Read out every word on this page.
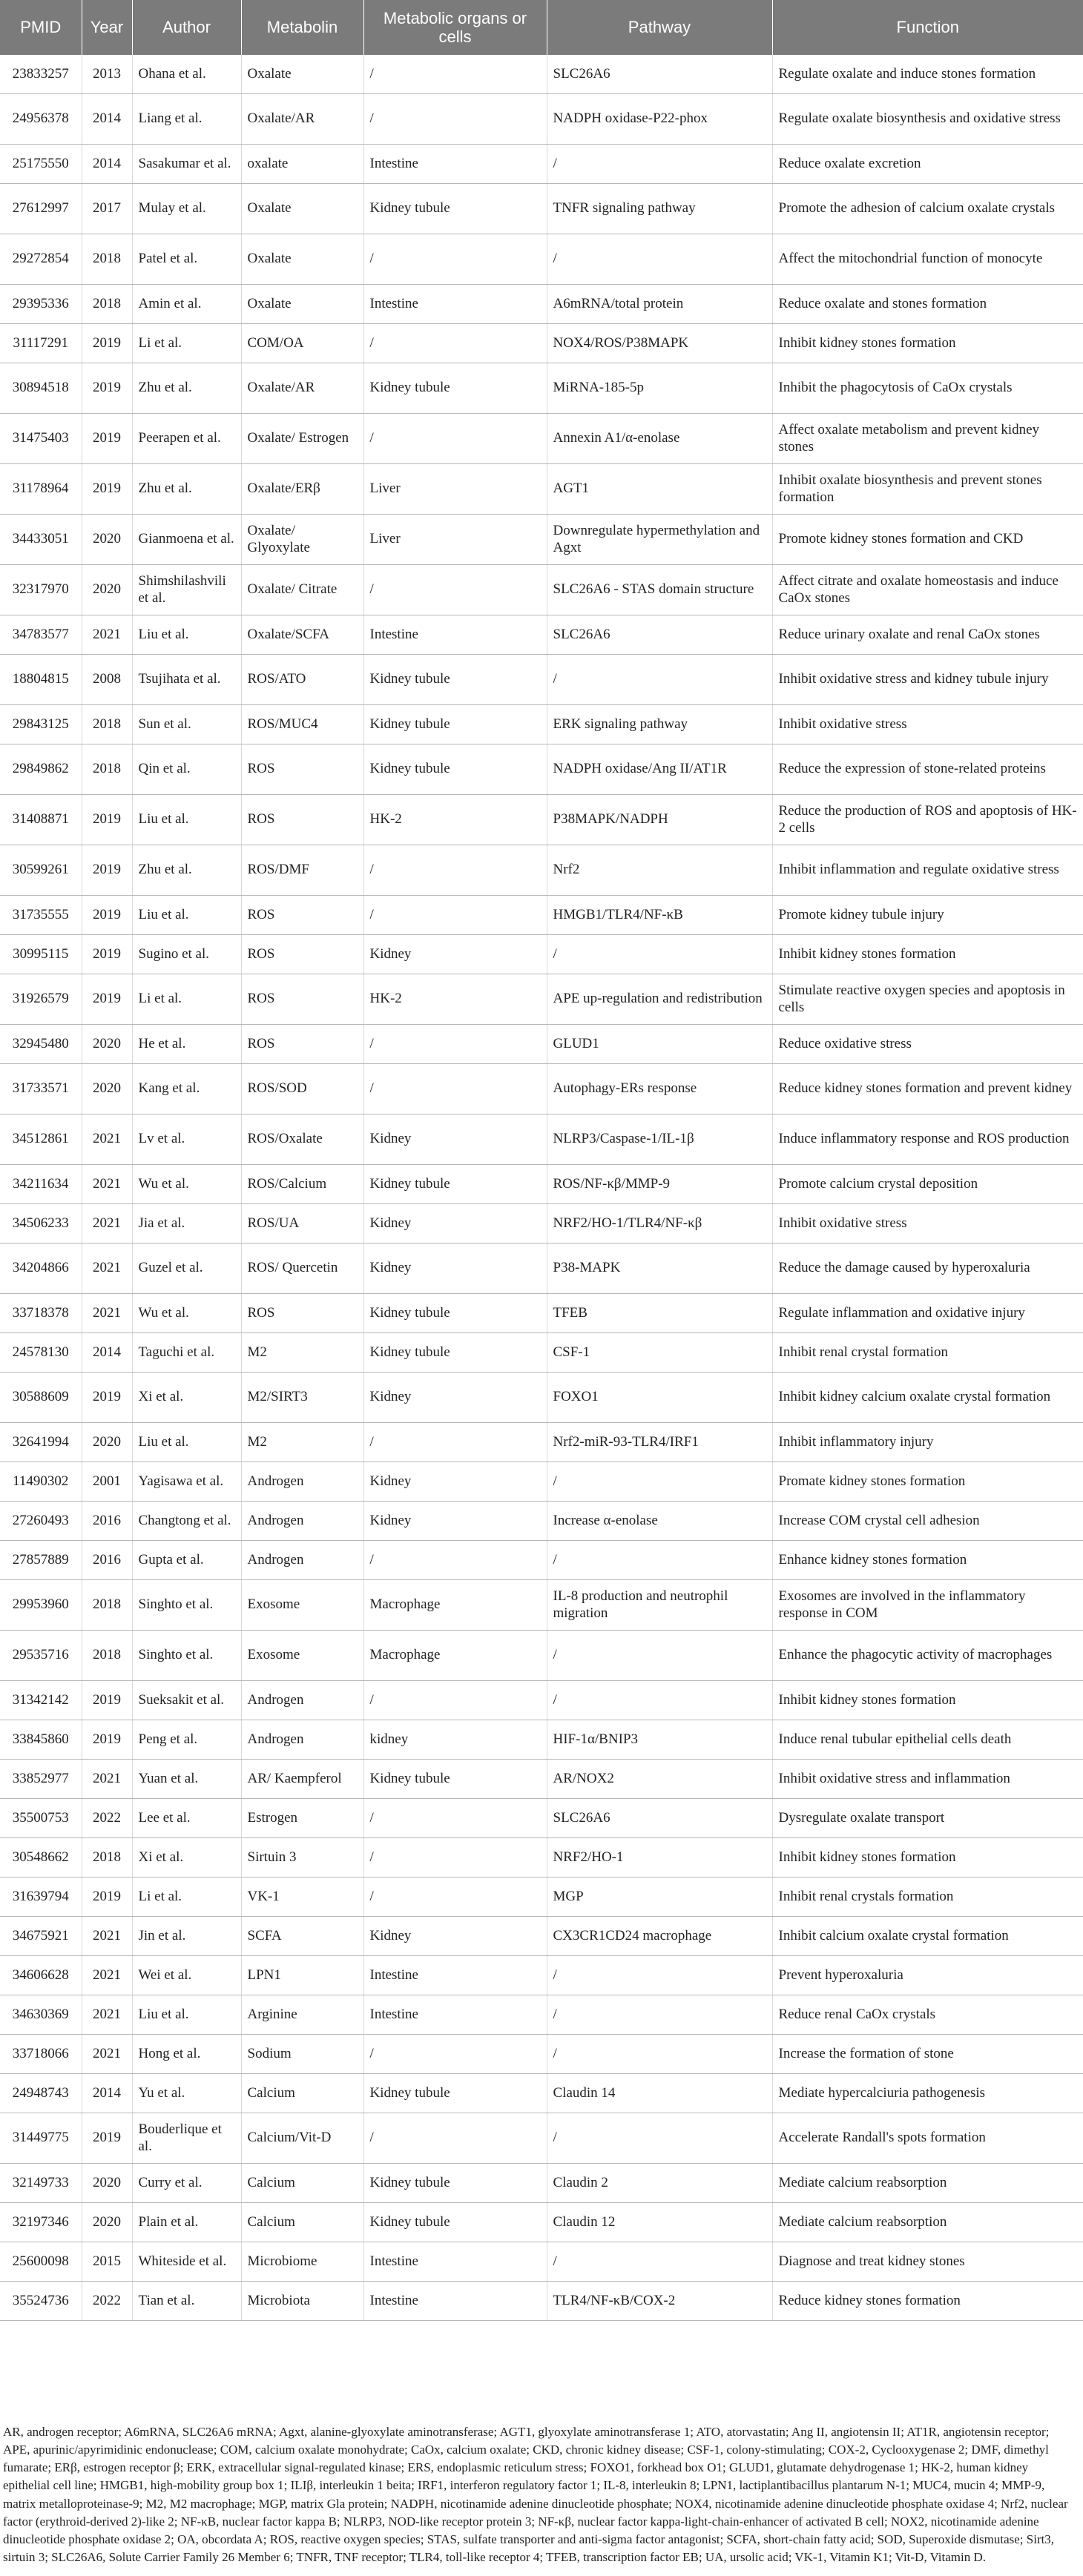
PMID	Year	Author	Metabolin	Metabolic organs or cells	Pathway	Function
23833257	2013	Ohana et al.	Oxalate	/	SLC26A6	Regulate oxalate and induce stones formation
24956378	2014	Liang et al.	Oxalate/AR	/	NADPH oxidase-P22-phox	Regulate oxalate biosynthesis and oxidative stress
25175550	2014	Sasakumar et al.	oxalate	Intestine	/	Reduce oxalate excretion
27612997	2017	Mulay et al.	Oxalate	Kidney tubule	TNFR signaling pathway	Promote the adhesion of calcium oxalate crystals
29272854	2018	Patel et al.	Oxalate	/	/	Affect the mitochondrial function of monocyte
29395336	2018	Amin et al.	Oxalate	Intestine	A6mRNA/total protein	Reduce oxalate and stones formation
31117291	2019	Li et al.	COM/OA	/	NOX4/ROS/P38MAPK	Inhibit kidney stones formation
30894518	2019	Zhu et al.	Oxalate/AR	Kidney tubule	MiRNA-185-5p	Inhibit the phagocytosis of CaOx crystals
31475403	2019	Peerapen et al.	Oxalate/ Estrogen	/	Annexin A1/α-enolase	Affect oxalate metabolism and prevent kidney stones
31178964	2019	Zhu et al.	Oxalate/ERβ	Liver	AGT1	Inhibit oxalate biosynthesis and prevent stones formation
34433051	2020	Gianmoena et al.	Oxalate/ Glyoxylate	Liver	Downregulate hypermethylation and Agxt	Promote kidney stones formation and CKD
32317970	2020	Shimshilashvili et al.	Oxalate/ Citrate	/	SLC26A6 - STAS domain structure	Affect citrate and oxalate homeostasis and induce CaOx stones
34783577	2021	Liu et al.	Oxalate/SCFA	Intestine	SLC26A6	Reduce urinary oxalate and renal CaOx stones
18804815	2008	Tsujihata et al.	ROS/ATO	Kidney tubule	/	Inhibit oxidative stress and kidney tubule injury
29843125	2018	Sun et al.	ROS/MUC4	Kidney tubule	ERK signaling pathway	Inhibit oxidative stress
29849862	2018	Qin et al.	ROS	Kidney tubule	NADPH oxidase/Ang II/AT1R	Reduce the expression of stone-related proteins
31408871	2019	Liu et al.	ROS	HK-2	P38MAPK/NADPH	Reduce the production of ROS and apoptosis of HK-2 cells
30599261	2019	Zhu et al.	ROS/DMF	/	Nrf2	Inhibit inflammation and regulate oxidative stress
31735555	2019	Liu et al.	ROS	/	HMGB1/TLR4/NF-κB	Promote kidney tubule injury
30995115	2019	Sugino et al.	ROS	Kidney	/	Inhibit kidney stones formation
31926579	2019	Li et al.	ROS	HK-2	APE up-regulation and redistribution	Stimulate reactive oxygen species and apoptosis in cells
32945480	2020	He et al.	ROS	/	GLUD1	Reduce oxidative stress
31733571	2020	Kang et al.	ROS/SOD	/	Autophagy-ERs response	Reduce kidney stones formation and prevent kidney
34512861	2021	Lv et al.	ROS/Oxalate	Kidney	NLRP3/Caspase-1/IL-1β	Induce inflammatory response and ROS production
34211634	2021	Wu et al.	ROS/Calcium	Kidney tubule	ROS/NF-κβ/MMP-9	Promote calcium crystal deposition
34506233	2021	Jia et al.	ROS/UA	Kidney	NRF2/HO-1/TLR4/NF-κβ	Inhibit oxidative stress
34204866	2021	Guzel et al.	ROS/ Quercetin	Kidney	P38-MAPK	Reduce the damage caused by hyperoxaluria
33718378	2021	Wu et al.	ROS	Kidney tubule	TFEB	Regulate inflammation and oxidative injury
24578130	2014	Taguchi et al.	M2	Kidney tubule	CSF-1	Inhibit renal crystal formation
30588609	2019	Xi et al.	M2/SIRT3	Kidney	FOXO1	Inhibit kidney calcium oxalate crystal formation
32641994	2020	Liu et al.	M2	/	Nrf2-miR-93-TLR4/IRF1	Inhibit inflammatory injury
11490302	2001	Yagisawa et al.	Androgen	Kidney	/	Promate kidney stones formation
27260493	2016	Changtong et al.	Androgen	Kidney	Increase α-enolase	Increase COM crystal cell adhesion
27857889	2016	Gupta et al.	Androgen	/	/	Enhance kidney stones formation
29953960	2018	Singhto et al.	Exosome	Macrophage	IL-8 production and neutrophil migration	Exosomes are involved in the inflammatory response in COM
29535716	2018	Singhto et al.	Exosome	Macrophage	/	Enhance the phagocytic activity of macrophages
31342142	2019	Sueksakit et al.	Androgen	/	/	Inhibit kidney stones formation
33845860	2019	Peng et al.	Androgen	kidney	HIF-1α/BNIP3	Induce renal tubular epithelial cells death
33852977	2021	Yuan et al.	AR/ Kaempferol	Kidney tubule	AR/NOX2	Inhibit oxidative stress and inflammation
35500753	2022	Lee et al.	Estrogen	/	SLC26A6	Dysregulate oxalate transport
30548662	2018	Xi et al.	Sirtuin 3	/	NRF2/HO-1	Inhibit kidney stones formation
31639794	2019	Li et al.	VK-1	/	MGP	Inhibit renal crystals formation
34675921	2021	Jin et al.	SCFA	Kidney	CX3CR1CD24 macrophage	Inhibit calcium oxalate crystal formation
34606628	2021	Wei et al.	LPN1	Intestine	/	Prevent hyperoxaluria
34630369	2021	Liu et al.	Arginine	Intestine	/	Reduce renal CaOx crystals
33718066	2021	Hong et al.	Sodium	/	/	Increase the formation of stone
24948743	2014	Yu et al.	Calcium	Kidney tubule	Claudin 14	Mediate hypercalciuria pathogenesis
31449775	2019	Bouderlique et al.	Calcium/Vit-D	/	/	Accelerate Randall's spots formation
32149733	2020	Curry et al.	Calcium	Kidney tubule	Claudin 2	Mediate calcium reabsorption
32197346	2020	Plain et al.	Calcium	Kidney tubule	Claudin 12	Mediate calcium reabsorption
25600098	2015	Whiteside et al.	Microbiome	Intestine	/	Diagnose and treat kidney stones
35524736	2022	Tian et al.	Microbiota	Intestine	TLR4/NF-κB/COX-2	Reduce kidney stones formation
AR, androgen receptor; A6mRNA, SLC26A6 mRNA; Agxt, alanine-glyoxylate aminotransferase; AGT1, glyoxylate aminotransferase 1; ATO, atorvastatin; Ang II, angiotensin II; AT1R, angiotensin receptor; APE, apurinic/apyrimidinic endonuclease; COM, calcium oxalate monohydrate; CaOx, calcium oxalate; CKD, chronic kidney disease; CSF-1, colony-stimulating; COX-2, Cyclooxygenase 2; DMF, dimethyl fumarate; ERβ, estrogen receptor β; ERK, extracellular signal-regulated kinase; ERS, endoplasmic reticulum stress; FOXO1, forkhead box O1; GLUD1, glutamate dehydrogenase 1; HK-2, human kidney epithelial cell line; HMGB1, high-mobility group box 1; ILIβ, interleukin 1 beita; IRF1, interferon regulatory factor 1; IL-8, interleukin 8; LPN1, lactiplantibacillus plantarum N-1; MUC4, mucin 4; MMP-9, matrix metalloproteinase-9; M2, M2 macrophage; MGP, matrix Gla protein; NADPH, nicotinamide adenine dinucleotide phosphate; NOX4, nicotinamide adenine dinucleotide phosphate oxidase 4; Nrf2, nuclear factor (erythroid-derived 2)-like 2; NF-κB, nuclear factor kappa B; NLRP3, NOD-like receptor protein 3; NF-κβ, nuclear factor kappa-light-chain-enhancer of activated B cell; NOX2, nicotinamide adenine dinucleotide phosphate oxidase 2; OA, obcordata A; ROS, reactive oxygen species; STAS, sulfate transporter and anti-sigma factor antagonist; SCFA, short-chain fatty acid; SOD, Superoxide dismutase; Sirt3, sirtuin 3; SLC26A6, Solute Carrier Family 26 Member 6; TNFR, TNF receptor; TLR4, toll-like receptor 4; TFEB, transcription factor EB; UA, ursolic acid; VK-1, Vitamin K1; Vit-D, Vitamin D.
